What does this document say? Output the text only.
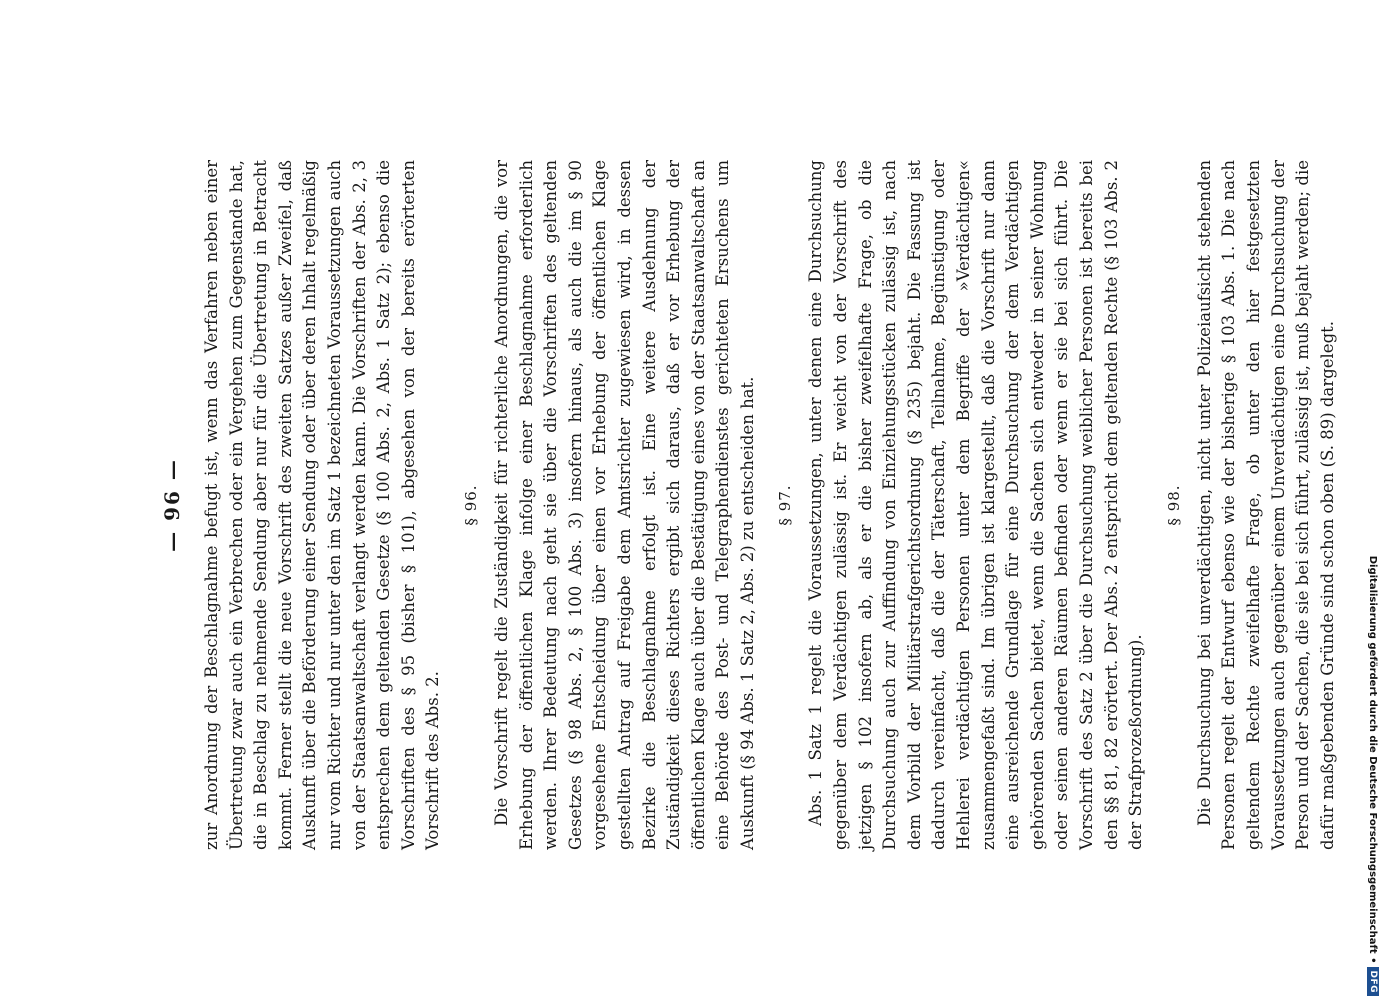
— 96 — zur Anordnung der Beschlagnahme befugt ist, wenn das Verfahren neben einer Übertretung zwar auch ein Verbrechen oder ein Vergehen zum Gegenstande hat, die in Beschlag zu nehmende Sendung aber nur für die Übertretung in Betracht kommt. Ferner stellt die neue Vorschrift des zweiten Satzes außer Zweifel, daß Auskunft über die Beförderung einer Sendung oder über deren Inhalt regelmäßig nur vom Richter und nur unter den im Satz 1 bezeichneten Voraussetzungen auch von der Staatsanwaltschaft verlangt werden kann. Die Vorschriften der Abs. 2, 3 entsprechen dem geltenden Gesetze (§ 100 Abs. 2, Abs. 1 Satz 2); ebenso die Vorschriften des § 95 (bisher § 101), abgesehen von der bereits erörterten Vorschrift des Abs. 2.

§ 96. Die Vorschrift regelt die Zuständigkeit für richterliche Anordnungen, die vor Erhebung der öffentlichen Klage infolge einer Beschlagnahme erforderlich werden. Ihrer Bedeutung nach geht sie über die Vorschriften des geltenden Gesetzes (§ 98 Abs. 2, § 100 Abs. 3) insofern hinaus, als auch die im § 90 vorgesehene Entscheidung über einen vor Erhebung der öffentlichen Klage gestellten Antrag auf Freigabe dem Amtsrichter zugewiesen wird, in dessen Bezirke die Beschlagnahme erfolgt ist. Eine weitere Ausdehnung der Zuständigkeit dieses Richters ergibt sich daraus, daß er vor Erhebung der öffentlichen Klage auch über die Bestätigung eines von der Staatsanwaltschaft an eine Behörde des Post- und Telegraphendienstes gerichteten Ersuchens um Auskunft (§ 94 Abs. 1 Satz 2, Abs. 2) zu entscheiden hat. § 97. Abs. 1 Satz 1 regelt die Voraussetzungen, unter denen eine Durchsuchung gegenüber dem Verdächtigen zulässig ist. Er weicht von der Vorschrift des jetzigen § 102 insofern ab, als er die bisher zweifelhafte Frage, ob die Durchsuchung auch zur Auffindung von Einziehungsstücken zulässig ist, nach dem Vorbild der Militärstrafgerichtsordnung (§ 235) bejaht. Die Fassung ist dadurch vereinfacht, daß die der Täterschaft, Teilnahme, Begünstigung oder Hehlerei verdächtigen Personen unter dem Begriffe der »Verdächtigen« zusammengefaßt sind. Im übrigen ist klargestellt, daß die Vorschrift nur dann eine ausreichende Grundlage für eine Durchsuchung der dem Verdächtigen gehörenden Sachen bietet, wenn die Sachen sich entweder in seiner Wohnung oder seinen anderen Räumen befinden oder wenn er sie bei sich führt. Die Vorschrift des Satz 2 über die Durchsuchung weiblicher Personen ist bereits bei den §§ 81, 82 erörtert. Der Abs. 2 entspricht dem geltenden Rechte (§ 103 Abs. 2 der Strafprozeßordnung).

§ 98. Die Durchsuchung bei unverdächtigen, nicht unter Polizeiaufsicht stehenden Personen regelt der Entwurf ebenso wie der bisherige § 103 Abs. 1. Die nach geltendem Rechte zweifelhafte Frage, ob unter den hier festgesetzten Voraussetzungen auch gegenüber einem Unverdächtigen eine Durchsuchung der Person und der Sachen, die sie bei sich führt, zulässig ist, muß bejaht werden; die dafür maßgebenden Gründe sind schon oben (S. 89) dargelegt.	Digitalisierung gefördert durch die Deutsche Forschungsgemeinschaft •
DFG
